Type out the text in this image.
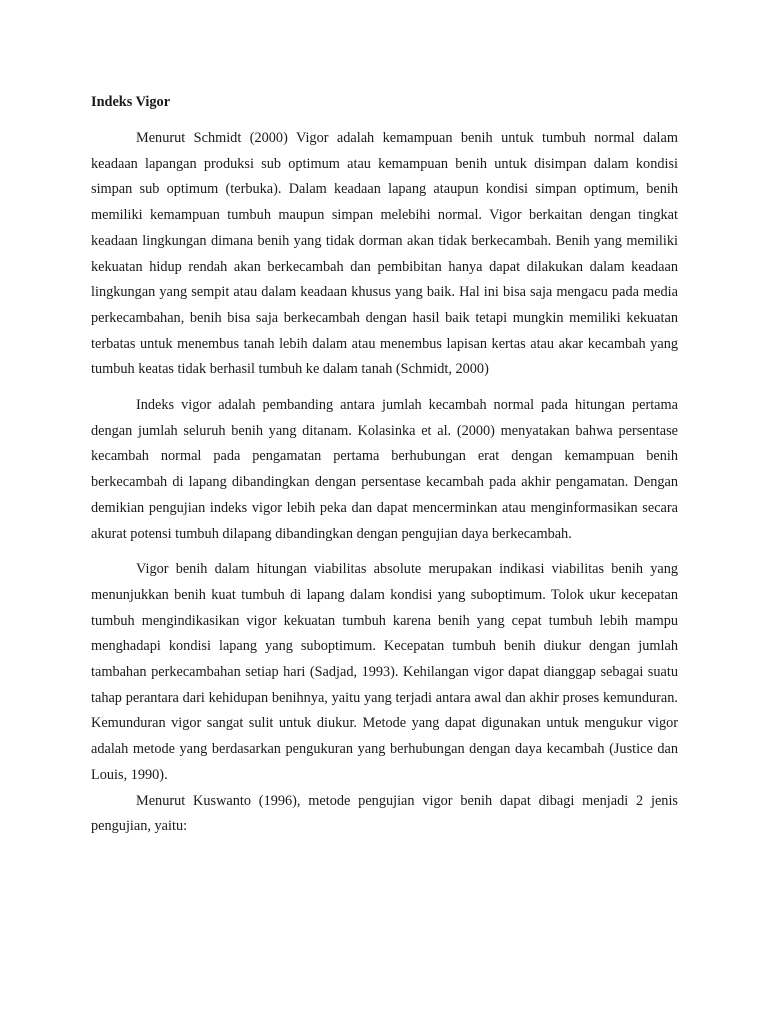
Indeks Vigor

Menurut Schmidt (2000) Vigor adalah kemampuan benih untuk tumbuh normal dalam keadaan lapangan produksi sub optimum atau kemampuan benih untuk disimpan dalam kondisi simpan sub optimum (terbuka). Dalam keadaan lapang ataupun kondisi simpan optimum, benih memiliki kemampuan tumbuh maupun simpan melebihi normal. Vigor berkaitan dengan tingkat keadaan lingkungan dimana benih yang tidak dorman akan tidak berkecambah. Benih yang memiliki kekuatan hidup rendah akan berkecambah dan pembibitan hanya dapat dilakukan dalam keadaan lingkungan yang sempit atau dalam keadaan khusus yang baik. Hal ini bisa saja mengacu pada media perkecambahan, benih bisa saja berkecambah dengan hasil baik tetapi mungkin memiliki kekuatan terbatas untuk menembus tanah lebih dalam atau menembus lapisan kertas atau akar kecambah yang tumbuh keatas tidak berhasil tumbuh ke dalam tanah (Schmidt, 2000)

Indeks vigor adalah pembanding antara jumlah kecambah normal pada hitungan pertama dengan jumlah seluruh benih yang ditanam. Kolasinka et al. (2000) menyatakan bahwa persentase kecambah normal pada pengamatan pertama berhubungan erat dengan kemampuan benih berkecambah di lapang dibandingkan dengan persentase kecambah pada akhir pengamatan. Dengan demikian pengujian indeks vigor lebih peka dan dapat mencerminkan atau menginformasikan secara akurat potensi tumbuh dilapang dibandingkan dengan pengujian daya berkecambah.

Vigor benih dalam hitungan viabilitas absolute merupakan indikasi viabilitas benih yang menunjukkan benih kuat tumbuh di lapang dalam kondisi yang suboptimum. Tolok ukur kecepatan tumbuh mengindikasikan vigor kekuatan tumbuh karena benih yang cepat tumbuh lebih mampu menghadapi kondisi lapang yang suboptimum. Kecepatan tumbuh benih diukur dengan jumlah tambahan perkecambahan setiap hari (Sadjad, 1993). Kehilangan vigor dapat dianggap sebagai suatu tahap perantara dari kehidupan benihnya, yaitu yang terjadi antara awal dan akhir proses kemunduran. Kemunduran vigor sangat sulit untuk diukur. Metode yang dapat digunakan untuk mengukur vigor adalah metode yang berdasarkan pengukuran yang berhubungan dengan daya kecambah (Justice dan Louis, 1990).

Menurut Kuswanto (1996), metode pengujian vigor benih dapat dibagi menjadi 2 jenis pengujian, yaitu:
